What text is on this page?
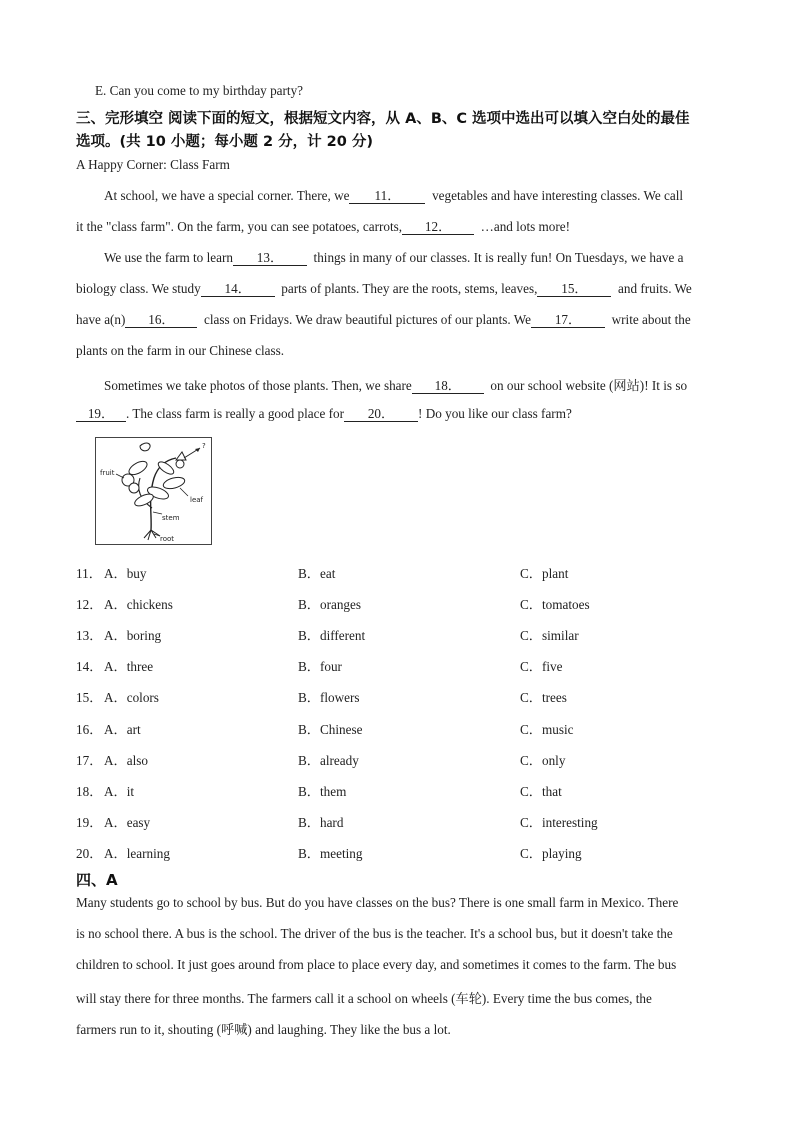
E. Can you come to my birthday party?
三、完形填空 阅读下面的短文，根据短文内容，从 A、B、C 选项中选出可以填入空白处的最佳
选项。(共 10 小题；每小题 2 分，计 20 分)
A Happy Corner: Class Farm
At school, we have a special corner. There, we 11． vegetables and have interesting classes. We call
it the "class farm". On the farm, you can see potatoes, carrots, 12． …and lots more!
We use the farm to learn 13． things in many of our classes. It is really fun! On Tuesdays, we have a
biology class. We study 14． parts of plants. They are the roots, stems, leaves, 15． and fruits. We
have a(n) 16． class on Fridays. We draw beautiful pictures of our plants. We 17． write about the
plants on the farm in our Chinese class.
Sometimes we take photos of those plants. Then, we share 18． on our school website (网站)! It is so
19． . The class farm is really a good place for 20． ! Do you like our class farm?
fruit
leaf
stem
root
?
11． A．buy	B．eat	C．plant
12． A．chickens	B．oranges	C．tomatoes
13． A．boring	B．different	C．similar
14． A．three	B．four	C．five
15． A．colors	B．flowers	C．trees
16． A．art	B．Chinese	C．music
17． A．also	B．already	C．only
18． A．it	B．them	C．that
19． A．easy	B．hard	C．interesting
20． A．learning	B．meeting	C．playing
四、A
Many students go to school by bus. But do you have classes on the bus? There is one small farm in Mexico. There
is no school there. A bus is the school. The driver of the bus is the teacher. It's a school bus, but it doesn't take the
children to school. It just goes around from place to place every day, and sometimes it comes to the farm. The bus
will stay there for three months. The farmers call it a school on wheels (车轮). Every time the bus comes, the
farmers run to it, shouting (呼喊) and laughing. They like the bus a lot.
